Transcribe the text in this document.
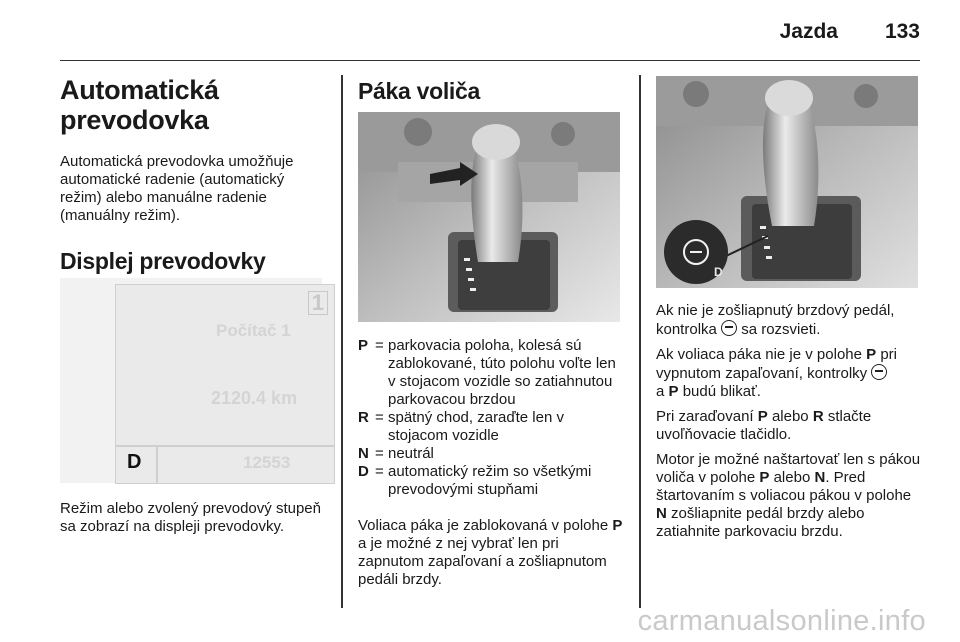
Jazda 133
Automatická
prevodovka

Automatická prevodovka umožňuje automatické radenie (automatický režim) alebo manuálne radenie (manuálny režim).

Displej prevodovky
Počítač 1
2120.4 km
1
D	12553

Režim alebo zvolený prevodový stupeň sa zobrazí na displeji prevodovky.

Páka voliča
P = parkovacia poloha, kolesá sú zablokované, túto polohu voľte len v stojacom vozidle so zatiahnutou parkovacou brzdou
R = spätný chod, zaraďte len v stojacom vozidle
N = neutrál
D = automatický režim so všetkými prevodovými stupňami

Voliaca páka je zablokovaná v polohe P a je možné z nej vybrať len pri zapnutom zapaľovaní a zošliapnutom pedáli brzdy.

D

Ak nie je zošliapnutý brzdový pedál, kontrolka  sa rozsvieti.

Ak voliaca páka nie je v polohe P pri vypnutom zapaľovaní, kontrolky
a P budú blikať.

Pri zaraďovaní P alebo R stlačte uvoľňovacie tlačidlo.

Motor je možné naštartovať len s pákou voliča v polohe P alebo N. Pred štartovaním s voliacou pákou v polohe N zošliapnite pedál brzdy alebo zatiahnite parkovaciu brzdu.

carmanualsonline.info
